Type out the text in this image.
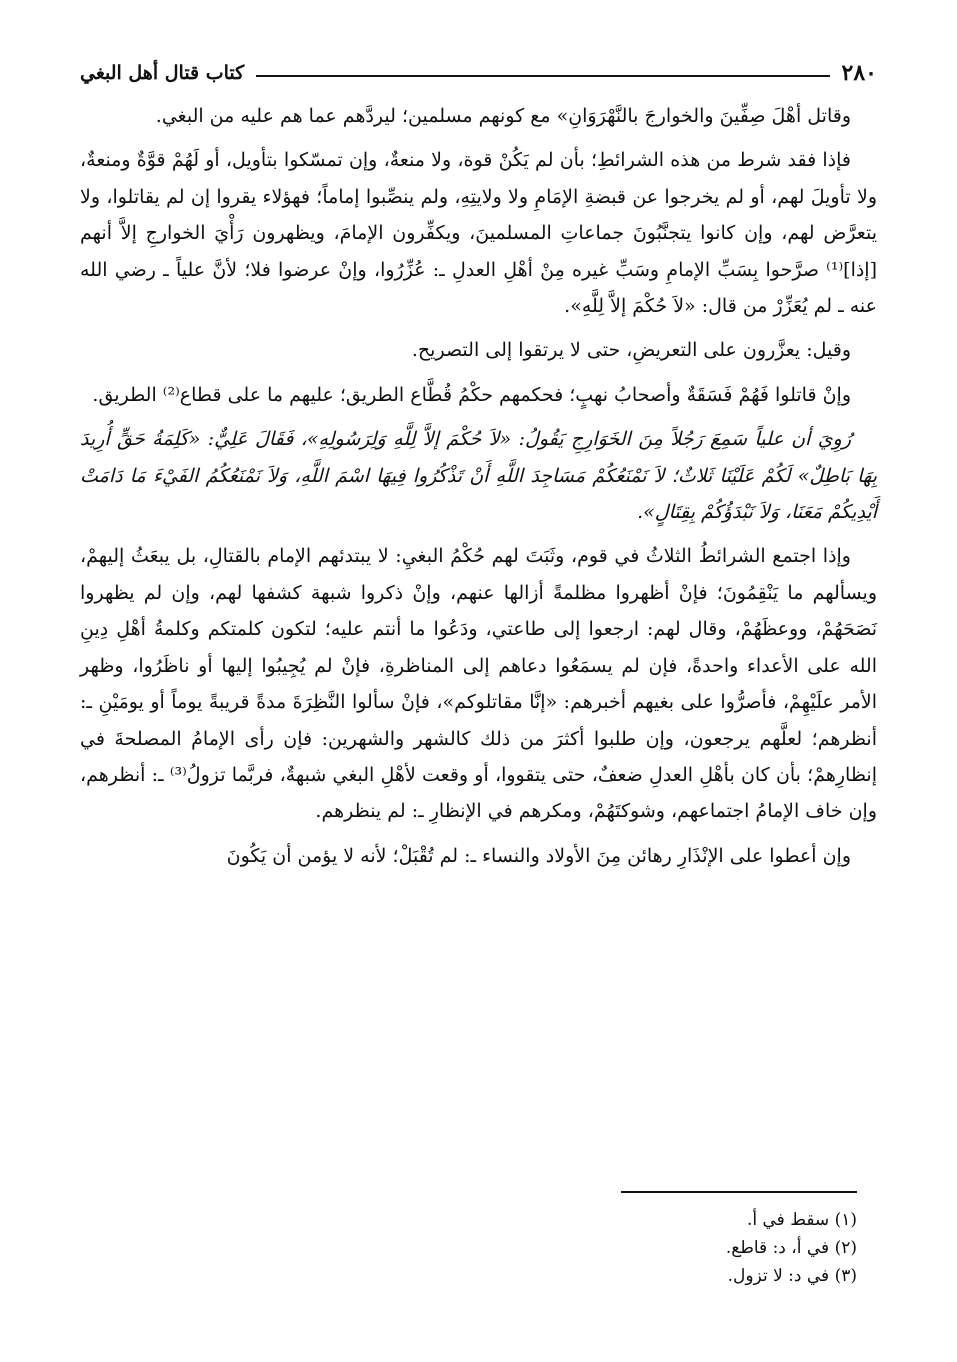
٢٨٠
كتاب قتال أهل البغي

وقاتل أهْلَ صِفِّينَ والخوارجَ بالنَّهْرَوَانِ» مع كونهم مسلمين؛ ليردَّهم عما هم عليه من البغي.

فإذا فقد شرط من هذه الشرائطِ؛ بأن لم يَكُنْ قوة، ولا منعةٌ، وإن تمسّكوا بتأويل، أو لَهُمْ قوَّةٌ ومنعةٌ، ولا تأويلَ لهم، أو لم يخرجوا عن قبضةِ الإمَامِ ولا ولايتِهِ، ولم ينصِّبوا إماماً؛ فهؤلاء يقروا إن لم يقاتلوا، ولا يتعرَّض لهم، وإن كانوا يتجنَّبُونَ جماعاتِ المسلمينَ، ويكفِّرون الإمامَ، ويظهرون رَأْيَ الخوارجِ إلاَّ أنهم [إذا]⁽¹⁾ صرَّحوا بِسَبِّ الإمامِ وسَبِّ غيره مِنْ أهْلِ العدلِ ـ: عُزِّرُوا، وإنْ عرضوا فلا؛ لأنَّ علياً ـ رضي الله عنه ـ لم يُعَزِّرْ من قال: «لاَ حُكْمَ إلاَّ لِلَّهِ».

وقيل: يعزَّرون على التعريضِ، حتى لا يرتقوا إلى التصريح.

وإنْ قاتلوا فَهُمْ فَسَقَةٌ وأصحابُ نهبٍ؛ فحكمهم حكْمُ قُطَّاع الطريق؛ عليهم ما على قطاع⁽²⁾ الطريق.

رُوِيَ أن علياً سَمِعَ رَجُلاً مِنَ الخَوَارِجِ يَقُولُ: «لاَ حُكْمَ إلاَّ لِلَّهِ وَلِرَسُولِهِ»، فَقَالَ عَلِيٌّ: «كَلِمَةُ حَقٍّ أُرِيدَ بِهَا بَاطِلٌ» لَكُمْ عَلَيْنَا ثَلاثٌ؛ لاَ نَمْنَعُكُمْ مَسَاجِدَ اللَّهِ أَنْ تَذْكُرُوا فِيهَا اسْمَ اللَّهِ، وَلاَ نَمْنَعُكُمُ الفَيْءَ مَا دَامَتْ أَيْدِيكُمْ مَعَنَا، وَلاَ نَبْدَؤُكُمْ بِقِتَالٍ».

وإذا اجتمع الشرائطُ الثلاثُ في قوم، وثَبَتَ لهم حُكْمُ البغيِ: لا يبتدئهم الإمام بالقتالِ، بل يبعَثُ إليهمْ، ويسألهم ما يَنْقِمُونَ؛ فإنْ أظهروا مظلمةً أزالها عنهم، وإنْ ذكروا شبهة كشفها لهم، وإن لم يظهروا نَصَحَهُمْ، ووعظَهُمْ، وقال لهم: ارجعوا إلى طاعتي، ودَعُوا ما أنتم عليه؛ لتكون كلمتكم وكلمةُ أهْلِ دِينِ الله على الأعداء واحدةً، فإن لم يسمَعُوا دعاهم إلى المناظرةِ، فإنْ لم يُجِيبُوا إليها أو ناظَرُوا، وظهر الأمر علَيْهِمْ، فأصرُّوا على بغيهم أخبرهم: «إنَّا مقاتلوكم»، فإنْ سألوا النَّظِرَةَ مدةً قريبةً يوماً أو يومَيْنِ ـ: أنظرهم؛ لعلَّهم يرجعون، وإن طلبوا أكثرَ من ذلك كالشهر والشهرين: فإن رأى الإمامُ المصلحةَ في إنظارِهمْ؛ بأن كان بأهْلِ العدلِ ضعفٌ، حتى يتقووا، أو وقعت لأهْلِ البغي شبهةٌ، فربَّما تزولُ⁽³⁾ ـ: أنظرهم، وإن خاف الإمامُ اجتماعهم، وشوكتَهُمْ، ومكرهم في الإنظارِ ـ: لم ينظرهم.

وإن أعطوا على الإنْذَارِ رهائن مِنَ الأولاد والنساء ـ: لم تُقْبَلْ؛ لأنه لا يؤمن أن يَكُونَ

(١) سقط في أ.
(٢) في أ، د: قاطع.
(٣) في د: لا تزول.
